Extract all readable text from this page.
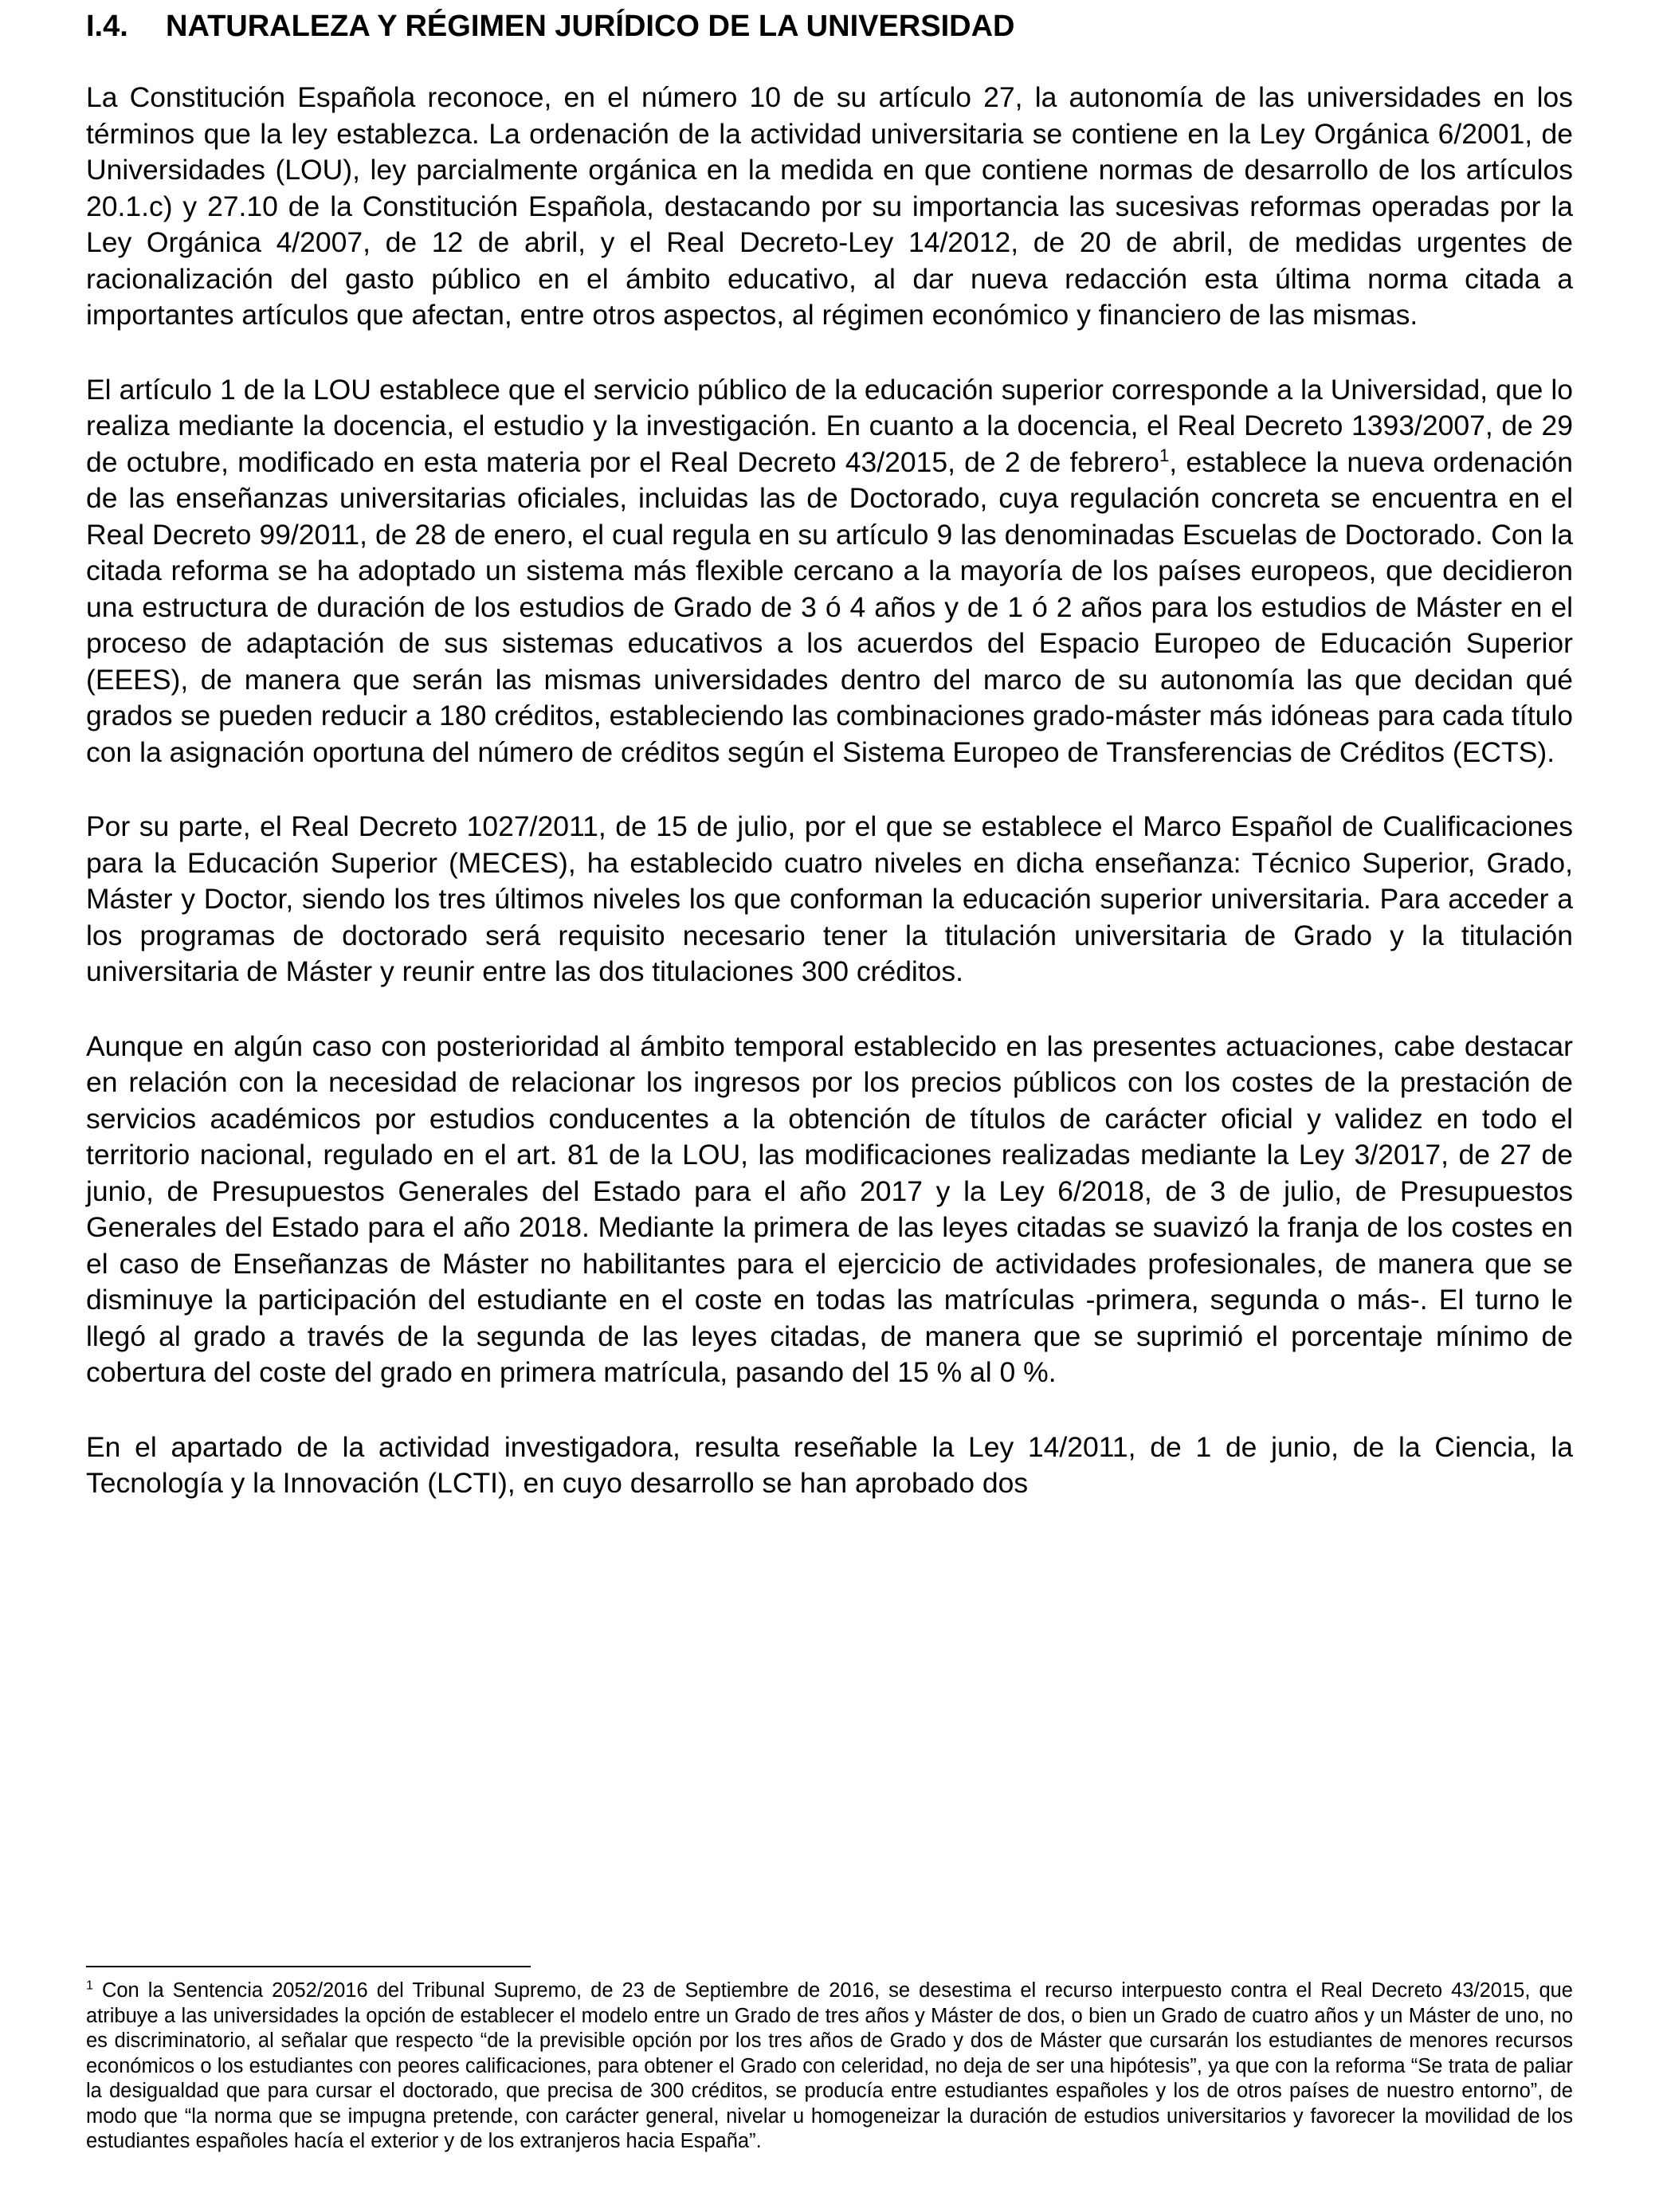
I.4. NATURALEZA Y RÉGIMEN JURÍDICO DE LA UNIVERSIDAD

La Constitución Española reconoce, en el número 10 de su artículo 27, la autonomía de las universidades en los términos que la ley establezca. La ordenación de la actividad universitaria se contiene en la Ley Orgánica 6/2001, de Universidades (LOU), ley parcialmente orgánica en la medida en que contiene normas de desarrollo de los artículos 20.1.c) y 27.10 de la Constitución Española, destacando por su importancia las sucesivas reformas operadas por la Ley Orgánica 4/2007, de 12 de abril, y el Real Decreto-Ley 14/2012, de 20 de abril, de medidas urgentes de racionalización del gasto público en el ámbito educativo, al dar nueva redacción esta última norma citada a importantes artículos que afectan, entre otros aspectos, al régimen económico y financiero de las mismas.

El artículo 1 de la LOU establece que el servicio público de la educación superior corresponde a la Universidad, que lo realiza mediante la docencia, el estudio y la investigación. En cuanto a la docencia, el Real Decreto 1393/2007, de 29 de octubre, modificado en esta materia por el Real Decreto 43/2015, de 2 de febrero$^1$, establece la nueva ordenación de las enseñanzas universitarias oficiales, incluidas las de Doctorado, cuya regulación concreta se encuentra en el Real Decreto 99/2011, de 28 de enero, el cual regula en su artículo 9 las denominadas Escuelas de Doctorado. Con la citada reforma se ha adoptado un sistema más flexible cercano a la mayoría de los países europeos, que decidieron una estructura de duración de los estudios de Grado de 3 ó 4 años y de 1 ó 2 años para los estudios de Máster en el proceso de adaptación de sus sistemas educativos a los acuerdos del Espacio Europeo de Educación Superior (EEES), de manera que serán las mismas universidades dentro del marco de su autonomía las que decidan qué grados se pueden reducir a 180 créditos, estableciendo las combinaciones grado-máster más idóneas para cada título con la asignación oportuna del número de créditos según el Sistema Europeo de Transferencias de Créditos (ECTS).

Por su parte, el Real Decreto 1027/2011, de 15 de julio, por el que se establece el Marco Español de Cualificaciones para la Educación Superior (MECES), ha establecido cuatro niveles en dicha enseñanza: Técnico Superior, Grado, Máster y Doctor, siendo los tres últimos niveles los que conforman la educación superior universitaria. Para acceder a los programas de doctorado será requisito necesario tener la titulación universitaria de Grado y la titulación universitaria de Máster y reunir entre las dos titulaciones 300 créditos.

Aunque en algún caso con posterioridad al ámbito temporal establecido en las presentes actuaciones, cabe destacar en relación con la necesidad de relacionar los ingresos por los precios públicos con los costes de la prestación de servicios académicos por estudios conducentes a la obtención de títulos de carácter oficial y validez en todo el territorio nacional, regulado en el art. 81 de la LOU, las modificaciones realizadas mediante la Ley 3/2017, de 27 de junio, de Presupuestos Generales del Estado para el año 2017 y la Ley 6/2018, de 3 de julio, de Presupuestos Generales del Estado para el año 2018. Mediante la primera de las leyes citadas se suavizó la franja de los costes en el caso de Enseñanzas de Máster no habilitantes para el ejercicio de actividades profesionales, de manera que se disminuye la participación del estudiante en el coste en todas las matrículas -primera, segunda o más-. El turno le llegó al grado a través de la segunda de las leyes citadas, de manera que se suprimió el porcentaje mínimo de cobertura del coste del grado en primera matrícula, pasando del 15 % al 0 %.

En el apartado de la actividad investigadora, resulta reseñable la Ley 14/2011, de 1 de junio, de la Ciencia, la Tecnología y la Innovación (LCTI), en cuyo desarrollo se han aprobado dos

$^1$ Con la Sentencia 2052/2016 del Tribunal Supremo, de 23 de Septiembre de 2016, se desestima el recurso interpuesto contra el Real Decreto 43/2015, que atribuye a las universidades la opción de establecer el modelo entre un Grado de tres años y Máster de dos, o bien un Grado de cuatro años y un Máster de uno, no es discriminatorio, al señalar que respecto “de la previsible opción por los tres años de Grado y dos de Máster que cursarán los estudiantes de menores recursos económicos o los estudiantes con peores calificaciones, para obtener el Grado con celeridad, no deja de ser una hipótesis”, ya que con la reforma “Se trata de paliar la desigualdad que para cursar el doctorado, que precisa de 300 créditos, se producía entre estudiantes españoles y los de otros países de nuestro entorno”, de modo que “la norma que se impugna pretende, con carácter general, nivelar u homogeneizar la duración de estudios universitarios y favorecer la movilidad de los estudiantes españoles hacía el exterior y de los extranjeros hacia España”.
